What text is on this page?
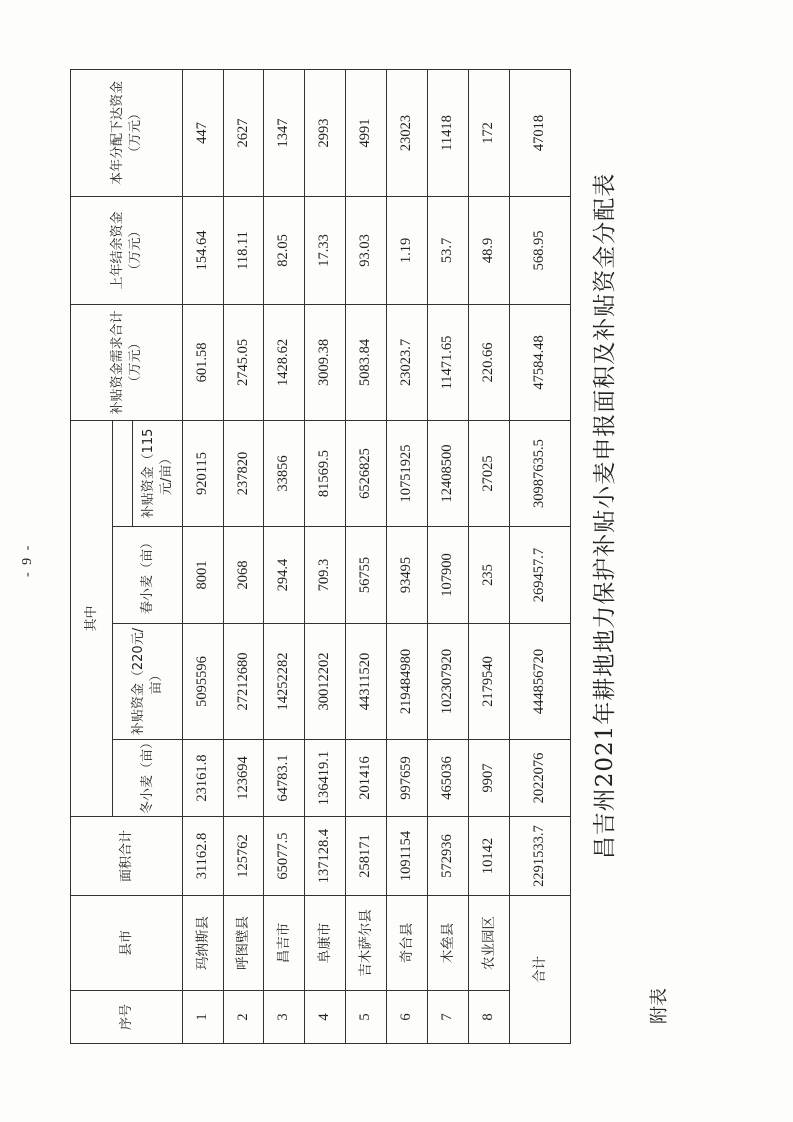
附表
昌吉州2021年耕地地力保护补贴小麦申报面积及补贴资金分配表
序号	县市	面积合计	其中				补贴资金需求合计（万元）	上年结余资金（万元）	本年分配下达资金（万元）
			冬小麦（亩）	补贴资金（220元/亩）	春小麦（亩）				
						补贴资金（115元/亩）			
1	玛纳斯县	31162.8	23161.8	5095596	8001	920115	601.58	154.64	447
2	呼图壁县	125762	123694	27212680	2068	237820	2745.05	118.11	2627
3	昌吉市	65077.5	64783.1	14252282	294.4	33856	1428.62	82.05	1347
4	阜康市	137128.4	136419.1	30012202	709.3	81569.5	3009.38	17.33	2993
5	吉木萨尔县	258171	201416	44311520	56755	6526825	5083.84	93.03	4991
6	奇台县	1091154	997659	219484980	93495	10751925	23023.7	1.19	23023
7	木垒县	572936	465036	102307920	107900	12408500	11471.65	53.7	11418
8	农业园区	10142	9907	2179540	235	27025	220.66	48.9	172
合计		2291533.7	2022076	444856720	269457.7	30987635.5	47584.48	568.95	47018
- 9 -
